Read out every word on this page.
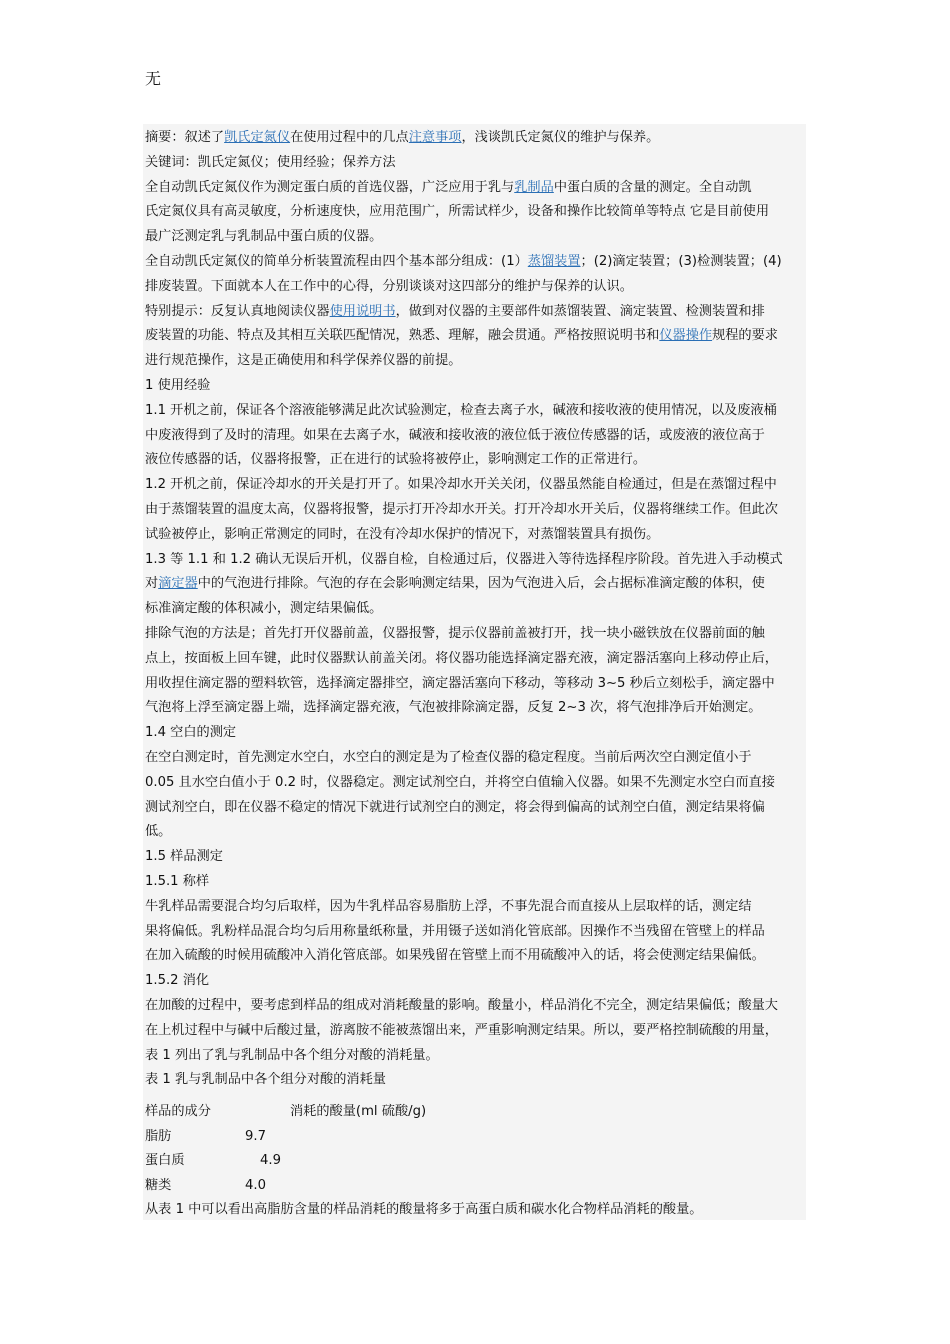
无
摘要：叙述了凯氏定氮仪在使用过程中的几点注意事项，浅谈凯氏定氮仪的维护与保养。
关键词：凯氏定氮仪；使用经验；保养方法
全自动凯氏定氮仪作为测定蛋白质的首选仪器，广泛应用于乳与乳制品中蛋白质的含量的测定。全自动凯
氏定氮仪具有高灵敏度，分析速度快，应用范围广，所需试样少，设备和操作比较简单等特点 它是目前使用
最广泛测定乳与乳制品中蛋白质的仪器。
全自动凯氏定氮仪的简单分析装置流程由四个基本部分组成：(1）蒸馏装置；(2)滴定装置；(3)检测装置；(4)
排废装置。下面就本人在工作中的心得，分别谈谈对这四部分的维护与保养的认识。
特别提示：反复认真地阅读仪器使用说明书，做到对仪器的主要部件如蒸馏装置、滴定装置、检测装置和排
废装置的功能、特点及其相互关联匹配情况，熟悉、理解，融会贯通。严格按照说明书和仪器操作规程的要求
进行规范操作，这是正确使用和科学保养仪器的前提。
1 使用经验
1.1 开机之前，保证各个溶液能够满足此次试验测定，检查去离子水，碱液和接收液的使用情况，以及废液桶
中废液得到了及时的清理。如果在去离子水，碱液和接收液的液位低于液位传感器的话，或废液的液位高于
液位传感器的话，仪器将报警，正在进行的试验将被停止，影响测定工作的正常进行。
1.2 开机之前，保证冷却水的开关是打开了。如果冷却水开关关闭，仪器虽然能自检通过，但是在蒸馏过程中
由于蒸馏装置的温度太高，仪器将报警，提示打开冷却水开关。打开冷却水开关后，仪器将继续工作。但此次
试验被停止，影响正常测定的同时，在没有冷却水保护的情况下，对蒸馏装置具有损伤。
1.3 等 1.1 和 1.2 确认无误后开机，仪器自检，自检通过后，仪器进入等待选择程序阶段。首先进入手动模式
对滴定器中的气泡进行排除。气泡的存在会影响测定结果，因为气泡进入后，会占据标准滴定酸的体积，使
标准滴定酸的体积减小，测定结果偏低。
排除气泡的方法是；首先打开仪器前盖，仪器报警，提示仪器前盖被打开，找一块小磁铁放在仪器前面的触
点上，按面板上回车键，此时仪器默认前盖关闭。将仪器功能选择滴定器充液，滴定器活塞向上移动停止后，
用收捏住滴定器的塑料软管，选择滴定器排空，滴定器活塞向下移动，等移动 3~5 秒后立刻松手，滴定器中
气泡将上浮至滴定器上端，选择滴定器充液，气泡被排除滴定器，反复 2~3 次，将气泡排净后开始测定。
1.4 空白的测定
在空白测定时，首先测定水空白，水空白的测定是为了检查仪器的稳定程度。当前后两次空白测定值小于
0.05 且水空白值小于 0.2 时，仪器稳定。测定试剂空白，并将空白值输入仪器。如果不先测定水空白而直接
测试剂空白，即在仪器不稳定的情况下就进行试剂空白的测定，将会得到偏高的试剂空白值，测定结果将偏
低。
1.5 样品测定
1.5.1 称样
牛乳样品需要混合均匀后取样，因为牛乳样品容易脂肪上浮，不事先混合而直接从上层取样的话，测定结
果将偏低。乳粉样品混合均匀后用称量纸称量，并用镊子送如消化管底部。因操作不当残留在管壁上的样品
在加入硫酸的时候用硫酸冲入消化管底部。如果残留在管壁上而不用硫酸冲入的话，将会使测定结果偏低。
1.5.2 消化
在加酸的过程中，要考虑到样品的组成对消耗酸量的影响。酸量小，样品消化不完全，测定结果偏低；酸量大
在上机过程中与碱中后酸过量，游离胺不能被蒸馏出来，严重影响测定结果。所以，要严格控制硫酸的用量，
表 1 列出了乳与乳制品中各个组分对酸的消耗量。
表 1 乳与乳制品中各个组分对酸的消耗量
样品的成分	消耗的酸量(ml 硫酸/g)
脂肪	9.7
蛋白质	4.9
糖类	4.0
从表 1 中可以看出高脂肪含量的样品消耗的酸量将多于高蛋白质和碳水化合物样品消耗的酸量。
